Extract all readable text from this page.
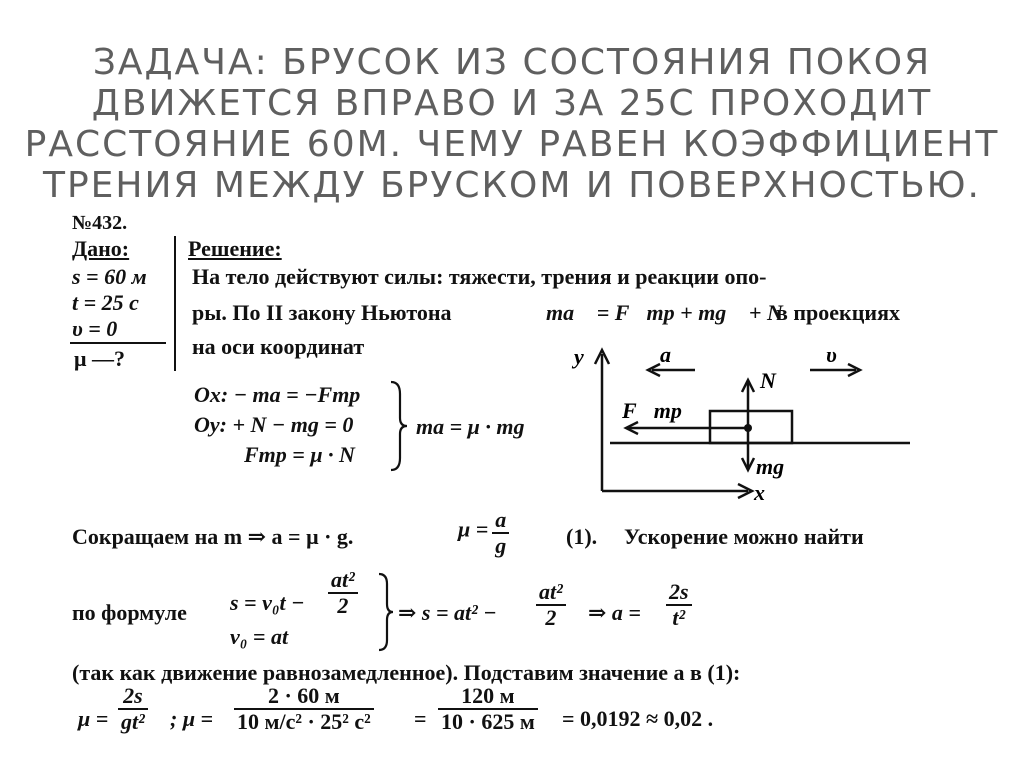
ЗАДАЧА: БРУСОК ИЗ СОСТОЯНИЯ ПОКОЯ
ДВИЖЕТСЯ ВПРАВО И ЗА 25С ПРОХОДИТ
РАССТОЯНИЕ 60М. ЧЕМУ РАВЕН КОЭФФИЦИЕНТ
ТРЕНИЯ МЕЖДУ БРУСКОМ И ПОВЕРХНОСТЬЮ.
№432.
Дано:
s = 60 м
t = 25 с
υ = 0
μ —?
Решение:
На тело действуют силы: тяжести, трения и реакции опо-
ры. По II закону Ньютона	ma⃗ = F⃗тр + mg⃗ + N⃗
в проекциях
на оси координат
Ox: − ma = −Fтр
Oy: + N − mg = 0
Fтр = μ · N
ma = μ · mg
y
x
a⃗	υ⃗
N⃗
F⃗тр
mg⃗
Сокращаем на m ⇒ a = μ · g.	$\mu = \frac{a}{g}$	(1). Ускорение можно найти
по формуле $s = v_0t - \frac{\text{at²}}{2}$
v₀ = at
⇒ $s = at^2 - \frac{\text{at²}}{2}$ ⇒ $a = \frac{2s}{\text{t²}}$
(так как движение равнозамедленное). Подставим значение a в (1):
$\mu = \frac{2s}{\text{gt²}}$ ; μ =
2 · 60 м
10 м/с² · 25² с² =
120 м
10 · 625 м = 0,0192 ≈ 0,02 .
